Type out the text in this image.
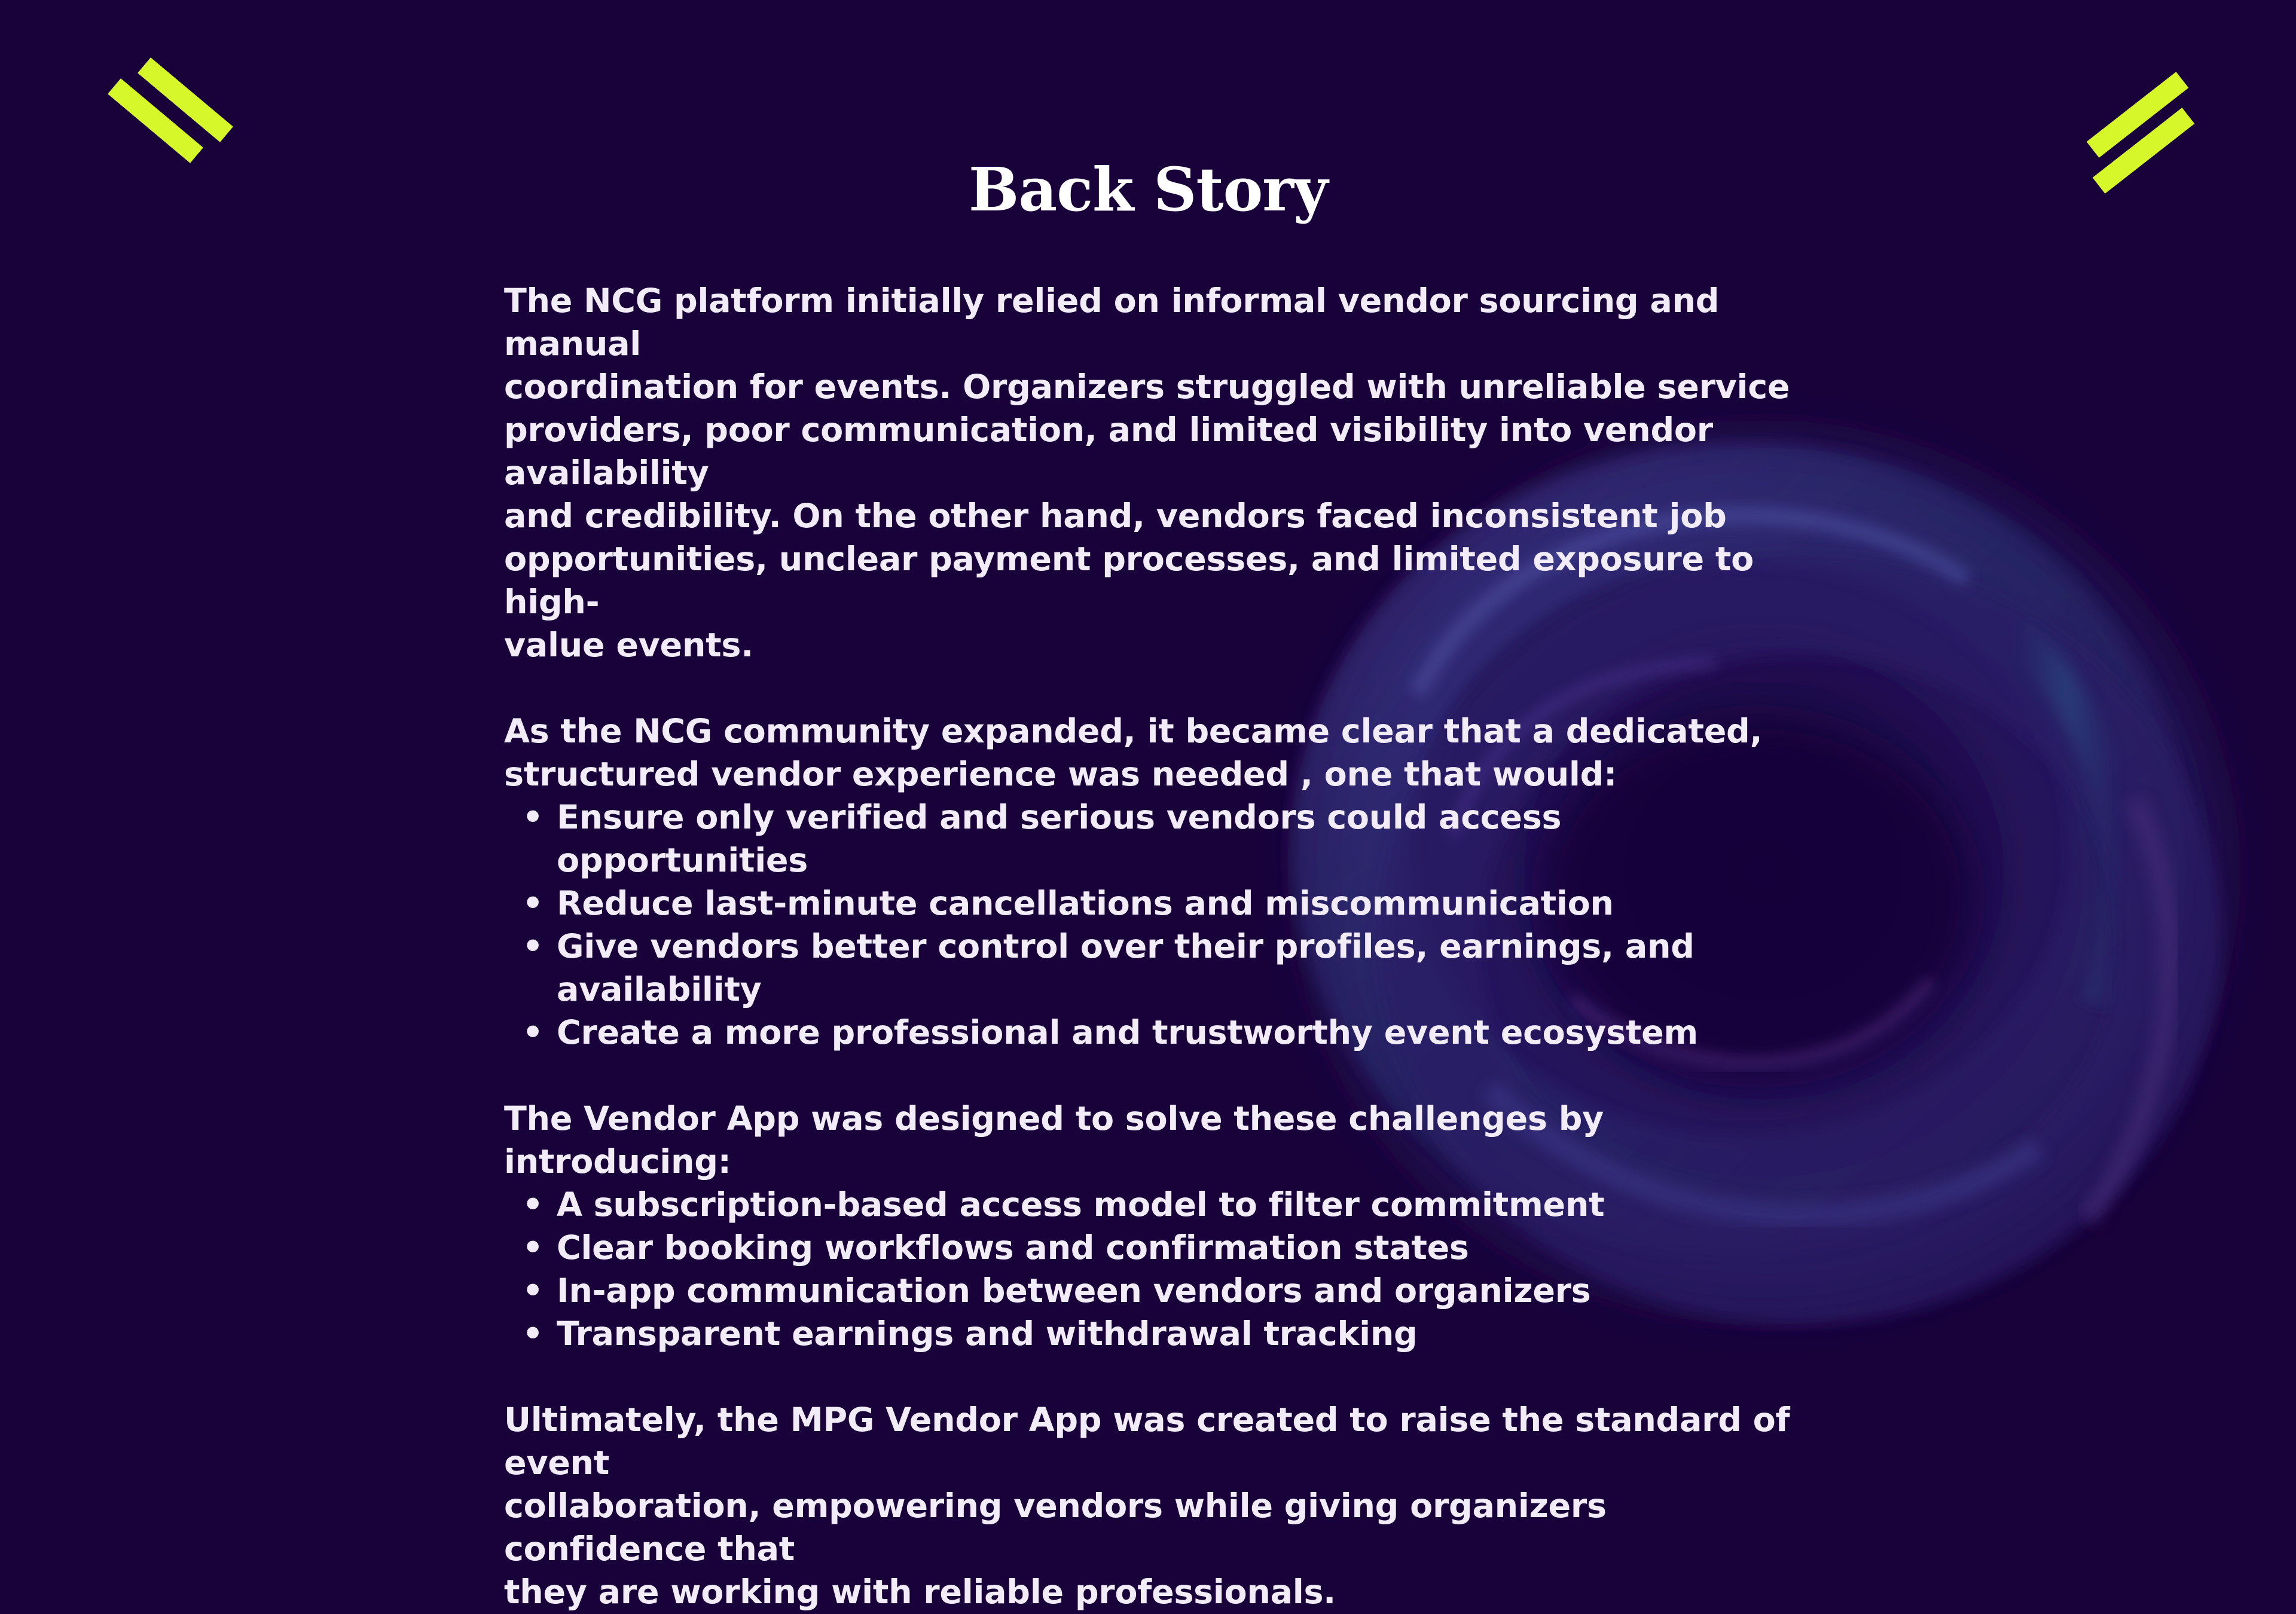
Back Story

The NCG platform initially relied on informal vendor sourcing and manual
coordination for events. Organizers struggled with unreliable service
providers, poor communication, and limited visibility into vendor availability
and credibility. On the other hand, vendors faced inconsistent job
opportunities, unclear payment processes, and limited exposure to high-
value events.

As the NCG community expanded, it became clear that a dedicated,
structured vendor experience was needed , one that would:

• Ensure only verified and serious vendors could access opportunities
• Reduce last-minute cancellations and miscommunication
• Give vendors better control over their profiles, earnings, and availability
• Create a more professional and trustworthy event ecosystem

The Vendor App was designed to solve these challenges by introducing:

• A subscription-based access model to filter commitment
• Clear booking workflows and confirmation states
• In-app communication between vendors and organizers
• Transparent earnings and withdrawal tracking

Ultimately, the MPG Vendor App was created to raise the standard of event
collaboration, empowering vendors while giving organizers confidence that
they are working with reliable professionals.
